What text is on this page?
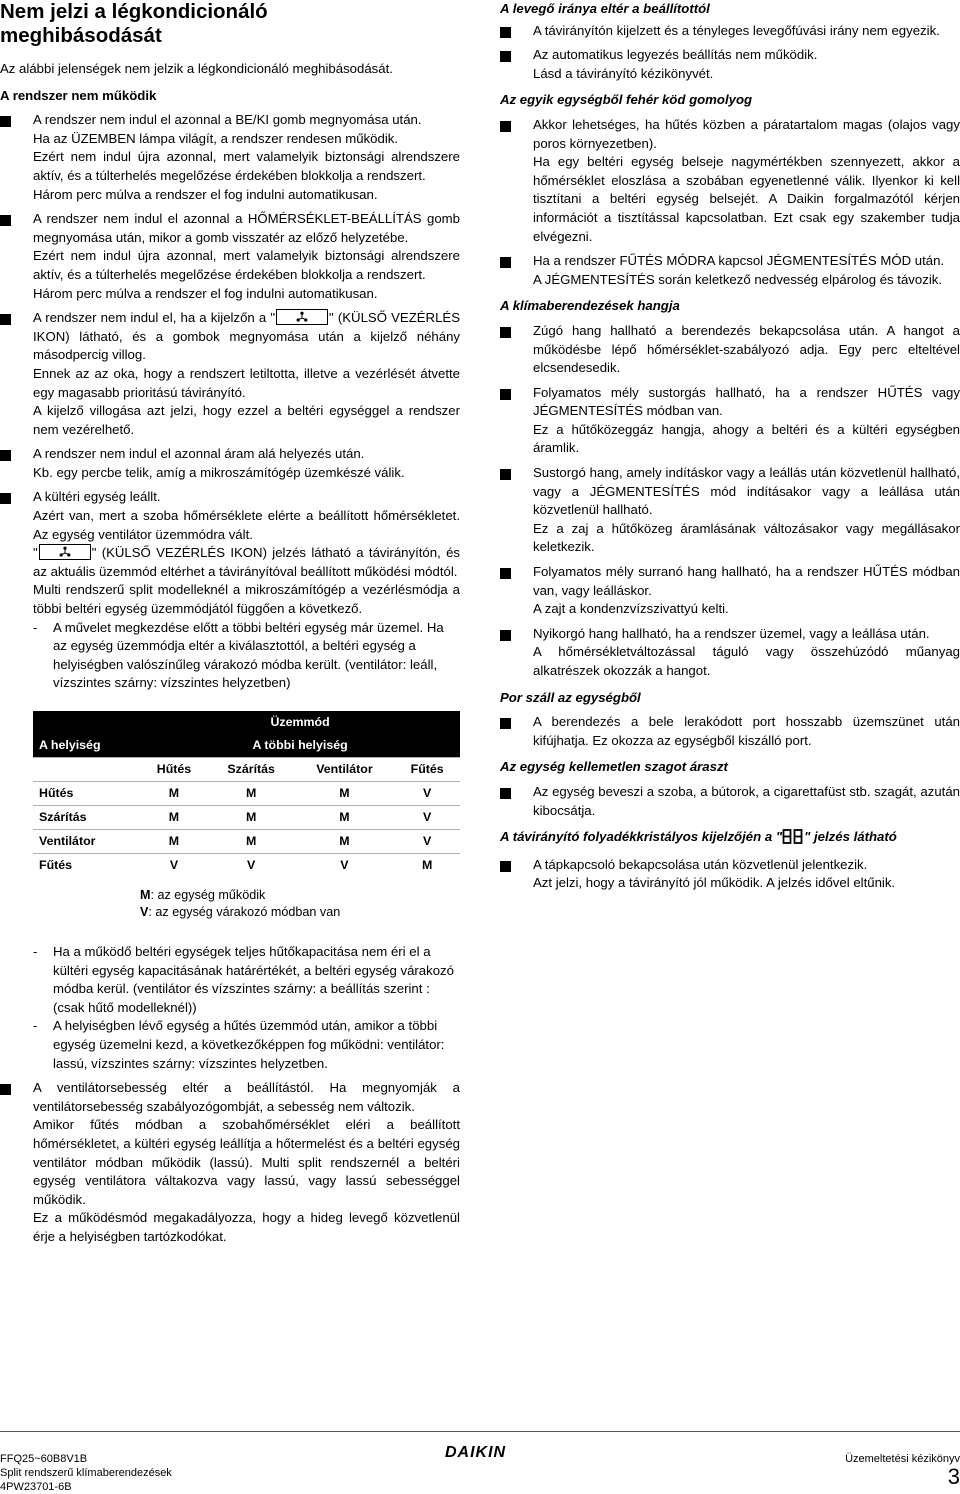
Nem jelzi a légkondicionáló
meghibásodását

Az alábbi jelenségek nem jelzik a légkondicionáló meghibásodását.

A rendszer nem működik

A rendszer nem indul el azonnal a BE/KI gomb megnyomása után.

Ha az ÜZEMBEN lámpa világít, a rendszer rendesen működik.

Ezért nem indul újra azonnal, mert valamelyik biztonsági alrendszere aktív, és a túlterhelés megelőzése érdekében blokkolja a rendszert.

Három perc múlva a rendszer el fog indulni automatikusan.

A rendszer nem indul el azonnal a HŐMÉRSÉKLET-BEÁLLÍTÁS gomb megnyomása után, mikor a gomb visszatér az előző helyzetébe.

Ezért nem indul újra azonnal, mert valamelyik biztonsági alrendszere aktív, és a túlterhelés megelőzése érdekében blokkolja a rendszert.

Három perc múlva a rendszer el fog indulni automatikusan.

A rendszer nem indul el, ha a kijelzőn a "	" (KÜLSŐ VEZÉRLÉS IKON) látható, és a gombok megnyomása után a kijelző néhány másodpercig villog.

Ennek az az oka, hogy a rendszert letiltotta, illetve a vezérlését átvette egy magasabb prioritású távirányító.

A kijelző villogása azt jelzi, hogy ezzel a beltéri egységgel a rendszer nem vezérelhető.

A rendszer nem indul el azonnal áram alá helyezés után.

Kb. egy percbe telik, amíg a mikroszámítógép üzemkészé válik.

A kültéri egység leállt.

Azért van, mert a szoba hőmérséklete elérte a beállított hőmérsékletet. Az egység ventilátor üzemmódra vált.

"	" (KÜLSŐ VEZÉRLÉS IKON) jelzés látható a távirányítón, és az aktuális üzemmód eltérhet a távirányítóval beállított működési módtól.

Multi rendszerű split modelleknél a mikroszámítógép a vezérlésmódja a többi beltéri egység üzemmódjától függően a következő.

- A művelet megkezdése előtt a többi beltéri egység már üzemel. Ha az egység üzemmódja eltér a kiválasztottól, a beltéri egység a helyiségben valószínűleg várakozó módba került. (ventilátor: leáll, vízszintes szárny: vízszintes helyzetben)

	Üzemmód			
A helyiség	A többi helyiség			
	Hűtés	Szárítás	Ventilátor	Fűtés
Hűtés	M	M	M	V
Szárítás	M	M	M	V
Ventilátor	M	M	M	V
Fűtés	V	V	V	M
M: az egység működik
V: az egység várakozó módban van
- Ha a működő beltéri egységek teljes hűtőkapacitása nem éri el a kültéri egység kapacitásának határértékét, a beltéri egység várakozó módba kerül. (ventilátor és vízszintes szárny: a beállítás szerint : (csak hűtő modelleknél))

- A helyiségben lévő egység a hűtés üzemmód után, amikor a többi egység üzemelni kezd, a következőképpen fog működni: ventilátor: lassú, vízszintes szárny: vízszintes helyzetben.

A ventilátorsebesség eltér a beállítástól. Ha megnyomják a ventilátorsebesség szabályozógombját, a sebesség nem változik.

Amikor fűtés módban a szobahőmérséklet eléri a beállított hőmérsékletet, a kültéri egység leállítja a hőtermelést és a beltéri egység ventilátor módban működik (lassú). Multi split rendszernél a beltéri egység ventilátora váltakozva vagy lassú, vagy lassú sebességgel működik.

Ez a működésmód megakadályozza, hogy a hideg levegő közvetlenül érje a helyiségben tartózkodókat.

A levegő iránya eltér a beállítottól

A távirányítón kijelzett és a tényleges levegőfúvási irány nem egyezik.

Az automatikus legyezés beállítás nem működik.

Lásd a távirányító kézikönyvét.

Az egyik egységből fehér köd gomolyog

Akkor lehetséges, ha hűtés közben a páratartalom magas (olajos vagy poros környezetben).

Ha egy beltéri egység belseje nagymértékben szennyezett, akkor a hőmérséklet eloszlása a szobában egyenetlenné válik. Ilyenkor ki kell tisztítani a beltéri egység belsejét. A Daikin forgalmazótól kérjen információt a tisztítással kapcsolatban. Ezt csak egy szakember tudja elvégezni.

Ha a rendszer FŰTÉS MÓDRA kapcsol JÉGMENTESÍTÉS MÓD után.

A JÉGMENTESÍTÉS során keletkező nedvesség elpárolog és távozik.

A klímaberendezések hangja

Zúgó hang hallható a berendezés bekapcsolása után. A hangot a működésbe lépő hőmérséklet-szabályozó adja. Egy perc elteltével elcsendesedik.

Folyamatos mély sustorgás hallható, ha a rendszer HŰTÉS vagy JÉGMENTESÍTÉS módban van.

Ez a hűtőközeggáz hangja, ahogy a beltéri és a kültéri egységben áramlik.

Sustorgó hang, amely indításkor vagy a leállás után közvetlenül hallható, vagy a JÉGMENTESÍTÉS mód indításakor vagy a leállása után közvetlenül hallható.

Ez a zaj a hűtőközeg áramlásának változásakor vagy megállásakor keletkezik.

Folyamatos mély surranó hang hallható, ha a rendszer HŰTÉS módban van, vagy leálláskor.

A zajt a kondenzvízszivattyú kelti.

Nyikorgó hang hallható, ha a rendszer üzemel, vagy a leállása után.

A hőmérsékletváltozással táguló vagy összehúzódó műanyag alkatrészek okozzák a hangot.

Por száll az egységből

A berendezés a bele lerakódott port hosszabb üzemszünet után kifújhatja. Ez okozza az egységből kiszálló port.

Az egység kellemetlen szagot áraszt

Az egység beveszi a szoba, a bútorok, a cigarettafüst stb. szagát, azután kibocsátja.

A távirányító folyadékkristályos kijelzőjén a " " jelzés látható

A tápkapcsoló bekapcsolása után közvetlenül jelentkezik.

Azt jelzi, hogy a távirányító jól működik. A jelzés idővel eltűnik.

FFQ25~60B8V1B
Split rendszerű klímaberendezések
4PW23701-6B
DAIKIN	Üzemeltetési kézikönyv
3
